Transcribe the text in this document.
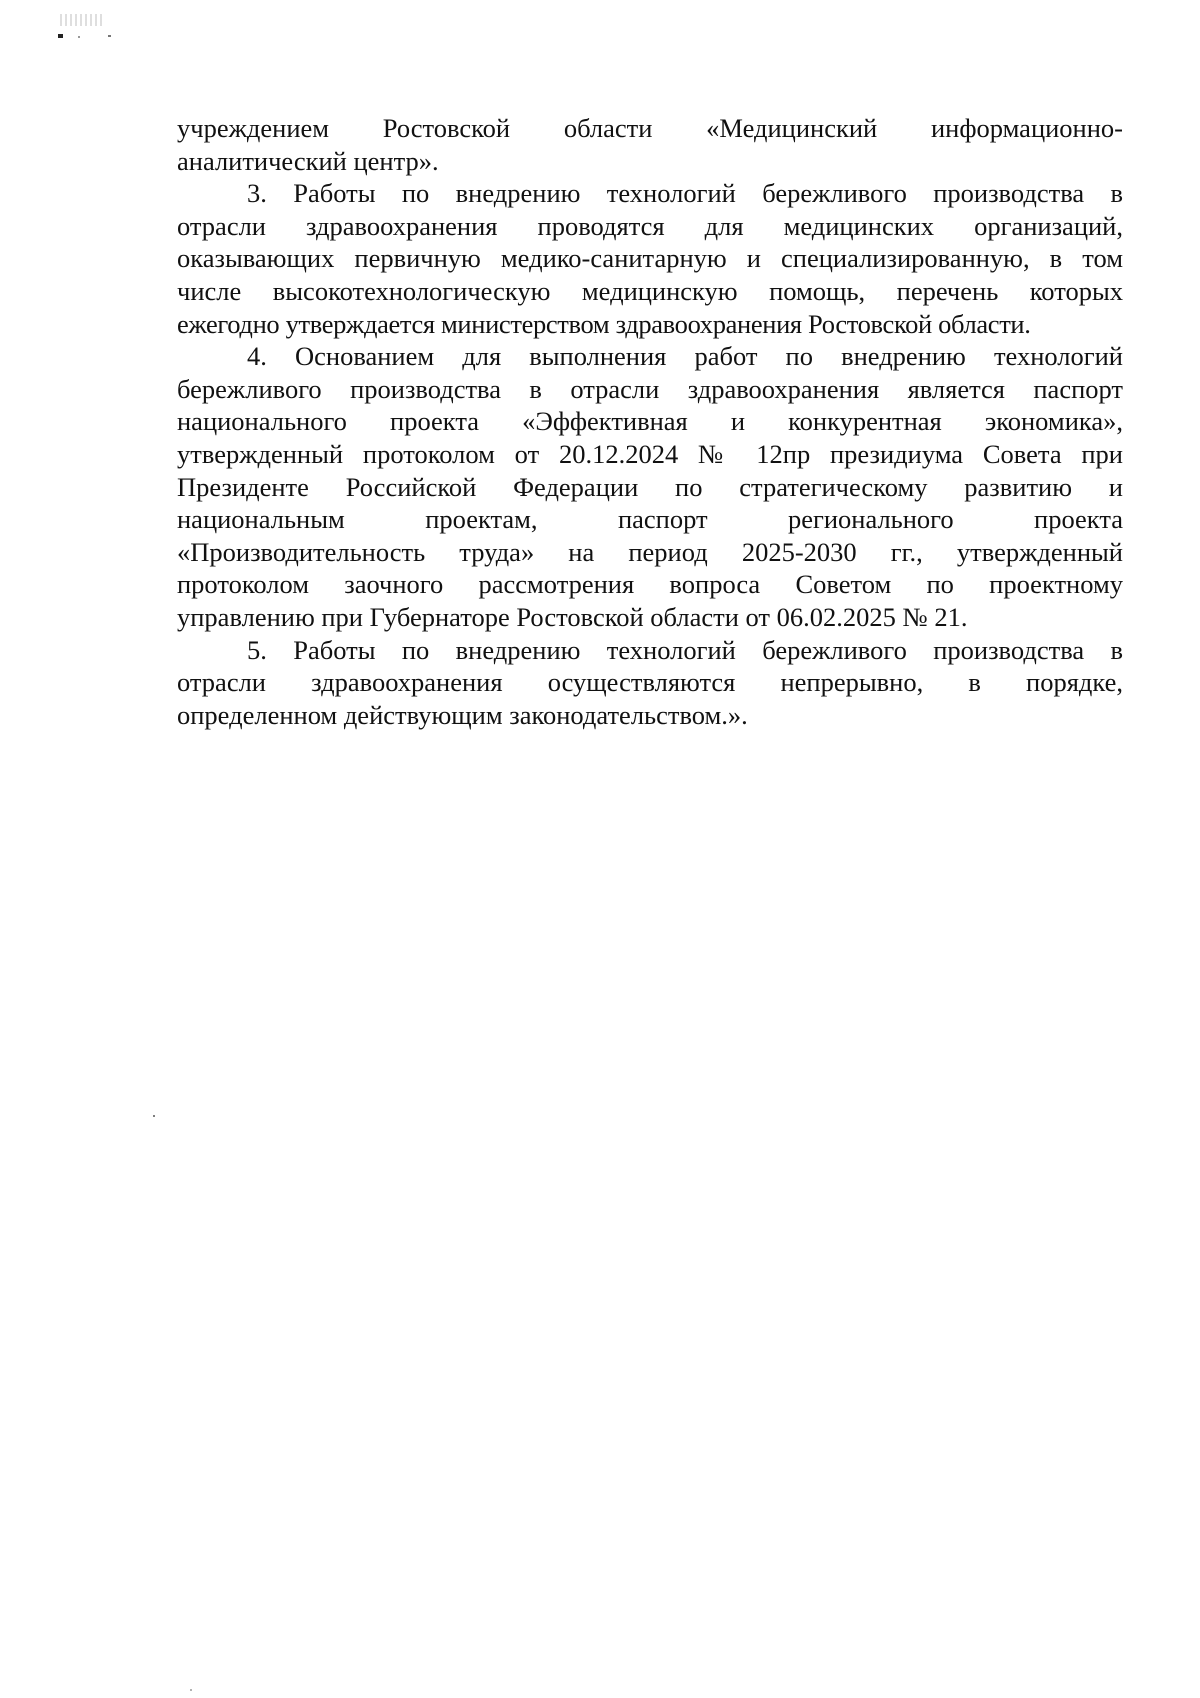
учреждением Ростовской области «Медицинский информационно-
аналитический центр».

3. Работы по внедрению технологий бережливого производства в
отрасли здравоохранения проводятся для медицинских организаций,
оказывающих первичную медико-санитарную и специализированную, в том
числе высокотехнологическую медицинскую помощь, перечень которых
ежегодно утверждается министерством здравоохранения Ростовской области.

4. Основанием для выполнения работ по внедрению технологий
бережливого производства в отрасли здравоохранения является паспорт
национального проекта «Эффективная и конкурентная экономика»,
утвержденный протоколом от 20.12.2024 № 12пр президиума Совета при
Президенте Российской Федерации по стратегическому развитию и
национальным проектам, паспорт регионального проекта
«Производительность труда» на период 2025-2030 гг., утвержденный
протоколом заочного рассмотрения вопроса Советом по проектному
управлению при Губернаторе Ростовской области от 06.02.2025 № 21.

5. Работы по внедрению технологий бережливого производства в
отрасли здравоохранения осуществляются непрерывно, в порядке,
определенном действующим законодательством.».
